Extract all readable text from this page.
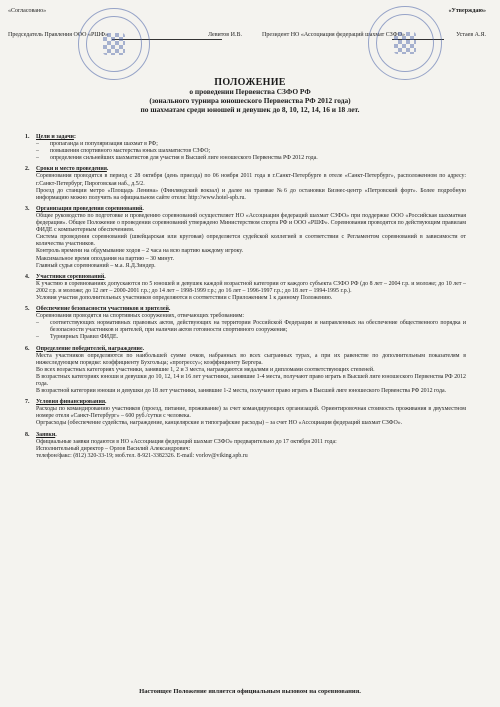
«Согласовано»	«Утверждаю»
Председатель Правления ООО «РШФ»	Левитов И.В.	Президент НО «Ассоциация федераций шахмат СЗФО»	Устаев А.Я.
ПОЛОЖЕНИЕ
о проведении Первенства СЗФО РФ
(зонального турнира юношеского Первенства РФ 2012 года)
по шахматам среди юношей и девушек до 8, 10, 12, 14, 16 и 18 лет.
1. Цели и задачи:
– пропаганда и популяризация шахмат в РФ;
– повышения спортивного мастерства юных шахматистов СЗФО;
– определения сильнейших шахматистов для участия в Высшей лиге юношеского Первенства РФ 2012 года.
2. Сроки и место проведения.

Соревнования проводятся в период с 28 октября (день приезда) по 06 ноября 2011 года в г.Санкт-Петербурге в отеле «Санкт-Петербург», расположенном по адресу: г.Санкт-Петербург, Пироговская наб., д.5/2.

Проезд до станции метро «Площадь Ленина» (Финляндский вокзал) и далее на трамвае №6 до остановки Бизнес-центр «Петровский форт». Более подробную информацию можно получить на официальном сайте отеля: http://www.hotel-spb.ru.

3. Организация проведения соревнований.

Общее руководство по подготовке и проведению соревнований осуществляет НО «Ассоциация федераций шахмат СЗФО» при поддержке ООО «Российская шахматная федерация». Общее Положение о проведении соревнований утверждено Министерством спорта РФ и ООО «РШФ». Соревнования проводятся по действующим правилам ФИДЕ с компьютерным обеспечением.

Система проведения соревнований (швейцарская или круговая) определяется судейской коллегией в соответствии с Регламентом соревнований в зависимости от количества участников.

Контроль времени на обдумывание ходов – 2 часа на всю партию каждому игроку.

Максимальное время опоздания на партию – 30 минут.

Главный судья соревнований – м.а. Я.Д.Зиндер.

4. Участники соревнований.

К участию в соревнованиях допускаются по 5 юношей и девушек каждой возрастной категории от каждого субъекта СЗФО РФ (до 8 лет – 2004 г.р. и моложе; до 10 лет – 2002 г.р. и моложе; до 12 лет – 2000-2001 г.р.; до 14 лет – 1998-1999 г.р.; до 16 лет – 1996-1997 г.р.; до 18 лет – 1994-1995 г.р.).

Условия участия дополнительных участников определяются в соответствии с Приложением 1 к данному Положению.

5. Обеспечение безопасности участников и зрителей.

Соревнования проводятся на спортивных сооружениях, отвечающих требованиям:

– соответствующих нормативных правовых актов, действующих на территории Российской Федерации и направленных на обеспечение общественного порядка и безопасности участников и зрителей, при наличии актов готовности спортивного сооружения;
– Турнирных Правил ФИДЕ.
6. Определение победителей, награждение.

Места участников определяются по наибольшей сумме очков, набранных во всех сыгранных турах, а при их равенстве по дополнительным показателям в нижеследующем порядке: коэффициенту Бухгольца; «прогрессу»; коэффициенту Бергера.

Во всех возрастных категориях участники, занявшие 1, 2 и 3 места, награждаются медалями и дипломами соответствующих степеней.

В возрастных категориях юноши и девушки до 10, 12, 14 и 16 лет участники, занявшие 1-4 места, получают право играть в Высшей лиге юношеского Первенства РФ 2012 года.

В возрастной категории юноши и девушки до 18 лет участники, занявшие 1-2 места, получают право играть в Высшей лиге юношеского Первенства РФ 2012 года.

7. Условия финансирования.

Расходы по командированию участников (проезд, питание, проживание) за счет командирующих организаций. Ориентировочная стоимость проживания в двухместном номере отеля «Санкт-Петербург» – 600 руб./сутки с человека.

Орграсходы (обеспечение судейства, награждение, канцелярские и типографские расходы) – за счет НО «Ассоциация федераций шахмат СЗФО».

8. Заявки.

Официальные заявки подаются в НО «Ассоциация федераций шахмат СЗФО» предварительно до 17 октября 2011 года:

Исполнительный директор – Орлов Василий Александрович:

телефон/факс: (812) 320-33-19; моб.тел. 8-921-3382326. E-mail: vorlov@viking.spb.ru

Настоящее Положение является официальным вызовом на соревнования.
